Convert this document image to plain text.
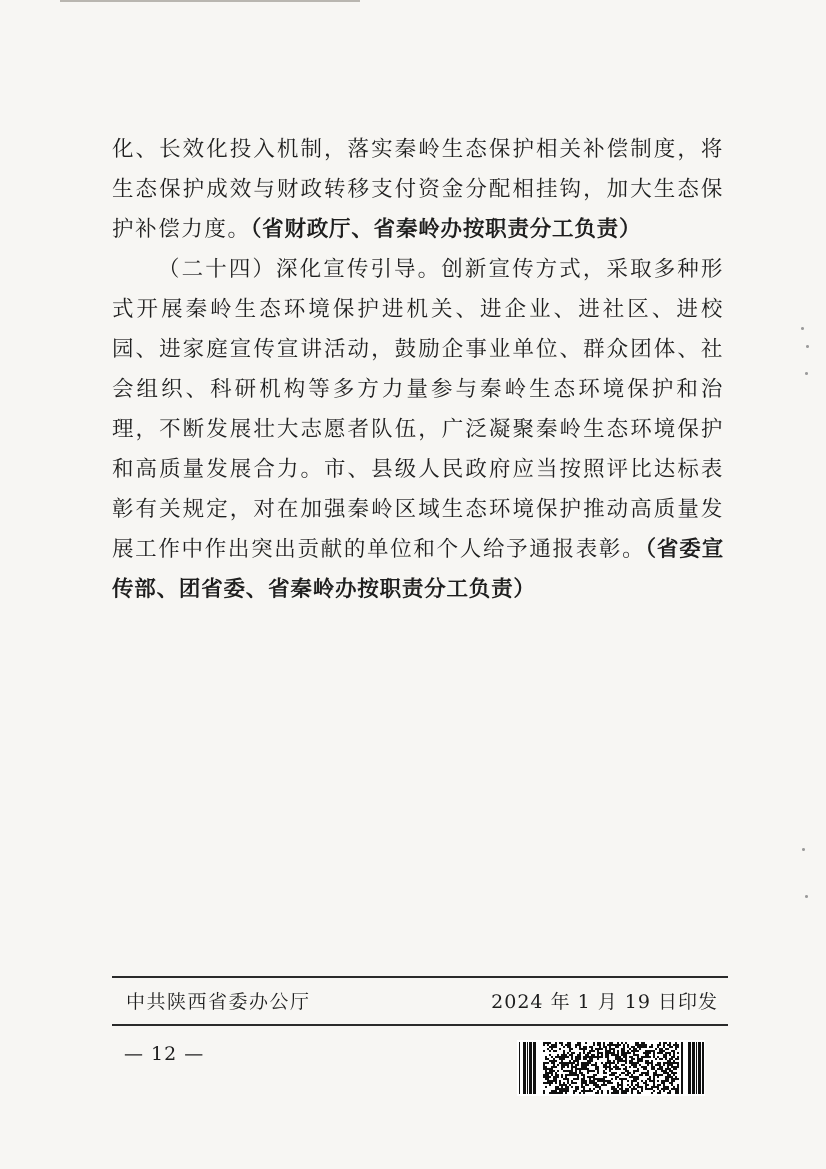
化、长效化投入机制，落实秦岭生态保护相关补偿制度，将生态保护成效与财政转移支付资金分配相挂钩，加大生态保护补偿力度。（省财政厅、省秦岭办按职责分工负责）

（二十四）深化宣传引导。创新宣传方式，采取多种形式开展秦岭生态环境保护进机关、进企业、进社区、进校园、进家庭宣传宣讲活动，鼓励企事业单位、群众团体、社会组织、科研机构等多方力量参与秦岭生态环境保护和治理，不断发展壮大志愿者队伍，广泛凝聚秦岭生态环境保护和高质量发展合力。市、县级人民政府应当按照评比达标表彰有关规定，对在加强秦岭区域生态环境保护推动高质量发展工作中作出突出贡献的单位和个人给予通报表彰。（省委宣传部、团省委、省秦岭办按职责分工负责）

中共陕西省委办公厅	2024 年 1 月 19 日印发
— 12 —
